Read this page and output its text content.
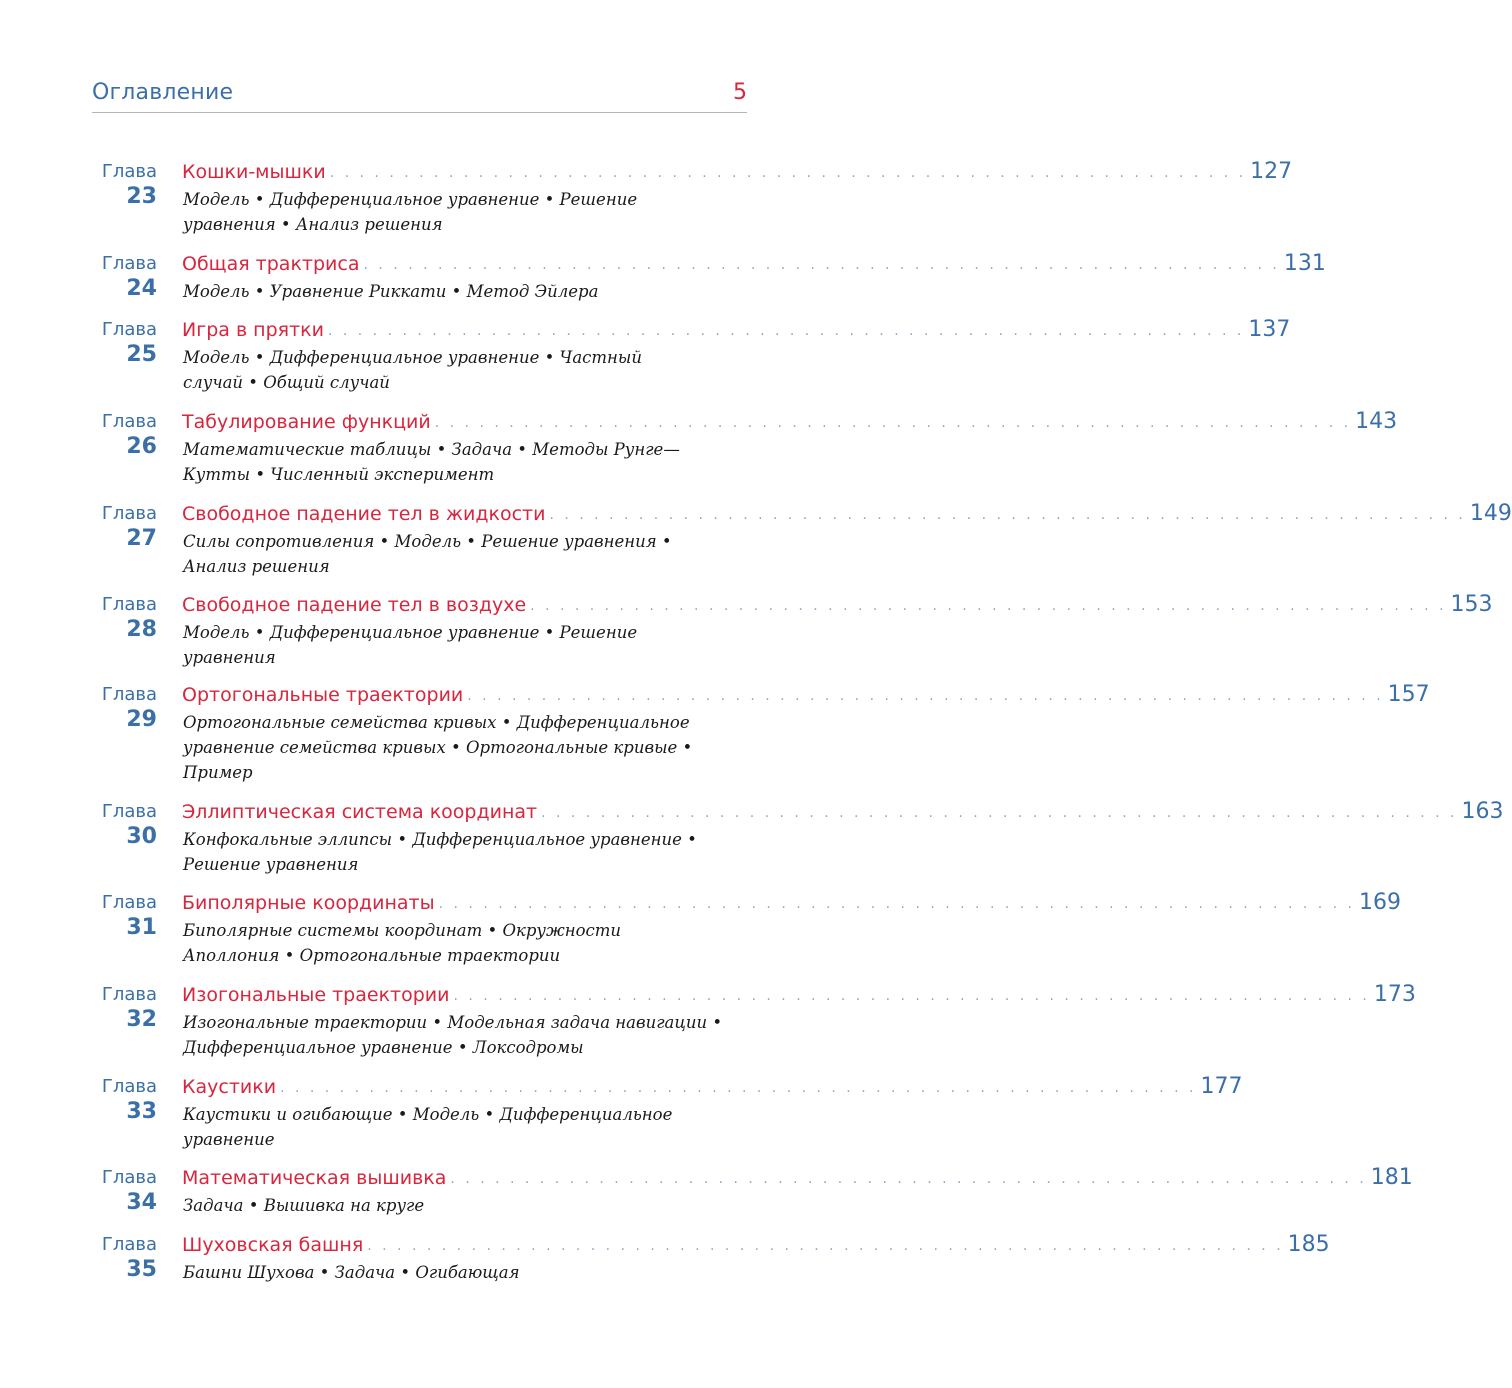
Оглавление	5
Глава
23
Кошки-мышки . . . . . . . . . . . . . . . . . . . . . . . . . . . . . . . . . . . . . . . . . . . . . . . . . . . . . . . . . . . . . . 127
Модель • Дифференциальное уравнение • Решение уравнения • Анализ решения
Глава
24
Общая трактриса . . . . . . . . . . . . . . . . . . . . . . . . . . . . . . . . . . . . . . . . . . . . . . . . . . . . . . . . . . . . . . 131
Модель • Уравнение Риккати • Метод Эйлера
Глава
25
Игра в прятки . . . . . . . . . . . . . . . . . . . . . . . . . . . . . . . . . . . . . . . . . . . . . . . . . . . . . . . . . . . . . . 137
Модель • Дифференциальное уравнение • Частный случай • Общий случай
Глава
26
Табулирование функций . . . . . . . . . . . . . . . . . . . . . . . . . . . . . . . . . . . . . . . . . . . . . . . . . . . . . . . . . . . . . . 143
Математические таблицы • Задача • Методы Рунге—Кутты • Численный эксперимент
Глава
27
Свободное падение тел в жидкости . . . . . . . . . . . . . . . . . . . . . . . . . . . . . . . . . . . . . . . . . . . . . . . . . . . . . . . . . . . . . . 149
Силы сопротивления • Модель • Решение уравнения • Анализ решения
Глава
28
Свободное падение тел в воздухе . . . . . . . . . . . . . . . . . . . . . . . . . . . . . . . . . . . . . . . . . . . . . . . . . . . . . . . . . . . . . . 153
Модель • Дифференциальное уравнение • Решение уравнения
Глава
29
Ортогональные траектории . . . . . . . . . . . . . . . . . . . . . . . . . . . . . . . . . . . . . . . . . . . . . . . . . . . . . . . . . . . . . . 157
Ортогональные семейства кривых • Дифференциальное уравнение семейства кривых • Ортогональные кривые • Пример
Глава
30
Эллиптическая система координат . . . . . . . . . . . . . . . . . . . . . . . . . . . . . . . . . . . . . . . . . . . . . . . . . . . . . . . . . . . . . . 163
Конфокальные эллипсы • Дифференциальное уравнение • Решение уравнения
Глава
31
Биполярные координаты . . . . . . . . . . . . . . . . . . . . . . . . . . . . . . . . . . . . . . . . . . . . . . . . . . . . . . . . . . . . . . 169
Биполярные системы координат • Окружности Аполлония • Ортогональные траектории
Глава
32
Изогональные траектории . . . . . . . . . . . . . . . . . . . . . . . . . . . . . . . . . . . . . . . . . . . . . . . . . . . . . . . . . . . . . . 173
Изогональные траектории • Модельная задача навигации • Дифференциальное уравнение • Локсодромы
Глава
33
Каустики . . . . . . . . . . . . . . . . . . . . . . . . . . . . . . . . . . . . . . . . . . . . . . . . . . . . . . . . . . . . . . 177
Каустики и огибающие • Модель • Дифференциальное уравнение
Глава
34
Математическая вышивка . . . . . . . . . . . . . . . . . . . . . . . . . . . . . . . . . . . . . . . . . . . . . . . . . . . . . . . . . . . . . . 181
Задача • Вышивка на круге
Глава
35
Шуховская башня . . . . . . . . . . . . . . . . . . . . . . . . . . . . . . . . . . . . . . . . . . . . . . . . . . . . . . . . . . . . . . 185
Башни Шухова • Задача • Огибающая
